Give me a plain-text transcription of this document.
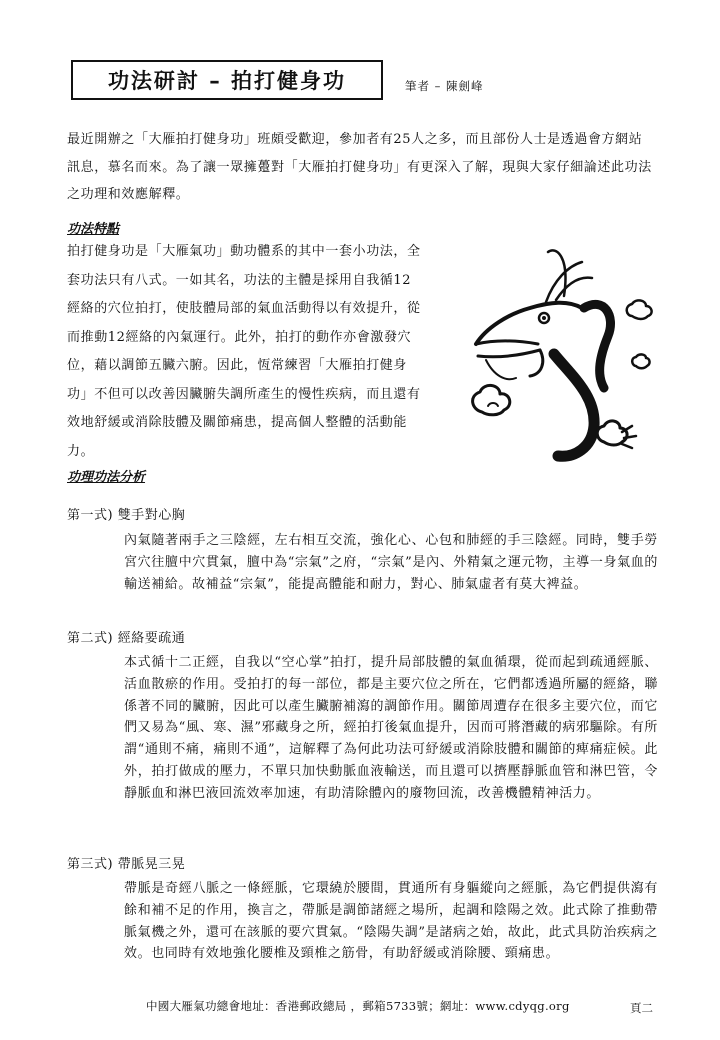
功法研討 – 拍打健身功	筆者 – 陳劍峰

最近開辦之「大雁拍打健身功」班頗受歡迎，參加者有25人之多，而且部份人士是透過會方網站訊息，慕名而來。為了讓一眾擁躉對「大雁拍打健身功」有更深入了解，現與大家仔細論述此功法之功理和效應解釋。

功法特點

拍打健身功是「大雁氣功」動功體系的其中一套小功法，全套功法只有八式。一如其名，功法的主體是採用自我循12經絡的穴位拍打，使肢體局部的氣血活動得以有效提升，從而推動12經絡的內氣運行。此外，拍打的動作亦會激發穴位，藉以調節五臟六腑。因此，恆常練習「大雁拍打健身功」不但可以改善因臟腑失調所產生的慢性疾病，而且還有效地舒緩或消除肢體及關節痛患，提高個人整體的活動能力。

功理功法分析
第一式) 雙手對心胸

內氣隨著兩手之三陰經，左右相互交流，強化心、心包和肺經的手三陰經。同時，雙手勞宮穴往膻中穴貫氣，膻中為“宗氣”之府，“宗氣”是內、外精氣之運元物，主導一身氣血的輸送補給。故補益“宗氣”，能提高體能和耐力，對心、肺氣虛者有莫大裨益。

第二式) 經絡要疏通

本式循十二正經，自我以“空心掌”拍打，提升局部肢體的氣血循環，從而起到疏通經脈、活血散瘀的作用。受拍打的每一部位，都是主要穴位之所在，它們都透過所屬的經絡，聯係著不同的臟腑，因此可以產生臟腑補瀉的調節作用。關節周遭存在很多主要穴位，而它們又易為“風、寒、濕”邪藏身之所，經拍打後氣血提升，因而可將潛藏的病邪驅除。有所謂“通則不痛，痛則不通”，這解釋了為何此功法可紓緩或消除肢體和關節的痺痛症候。此外，拍打做成的壓力，不單只加快動脈血液輸送，而且還可以擠壓靜脈血管和淋巴管，令靜脈血和淋巴液回流效率加速，有助清除體內的廢物回流，改善機體精神活力。

第三式) 帶脈晃三晃

帶脈是奇經八脈之一條經脈，它環繞於腰間，貫通所有身軀縱向之經脈，為它們提供瀉有餘和補不足的作用，換言之，帶脈是調節諸經之場所，起調和陰陽之效。此式除了推動帶脈氣機之外，還可在該脈的要穴貫氣。“陰陽失調”是諸病之始，故此，此式具防治疾病之效。也同時有效地強化腰椎及頸椎之筋骨，有助舒緩或消除腰、頸痛患。

中國大雁氣功總會地址：香港郵政總局 ，郵箱5733號；網址：www.cdyqg.org	頁二
